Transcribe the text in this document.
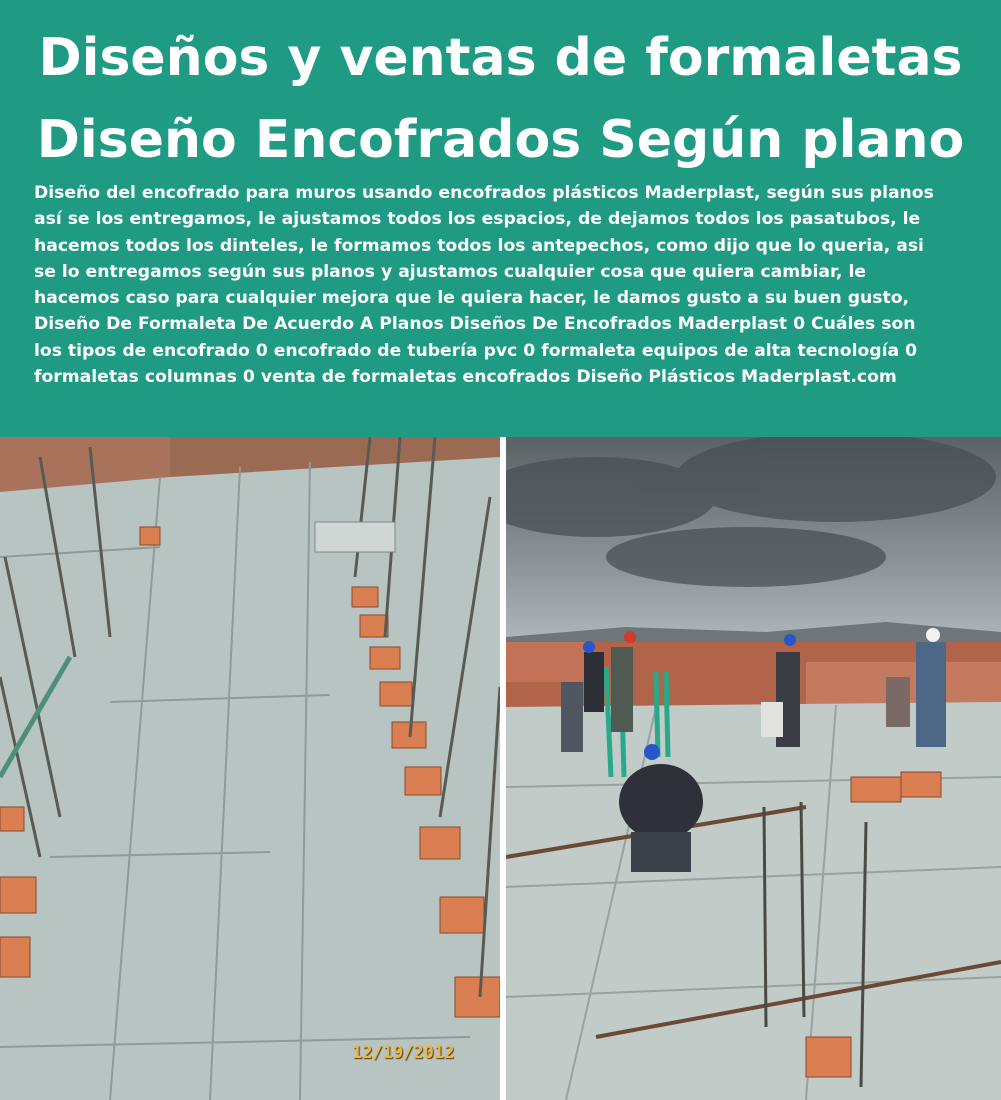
Diseños y ventas de formaletas
Diseño Encofrados Según plano
Diseño del encofrado para muros usando encofrados plásticos Maderplast, según sus planos
así se los entregamos, le ajustamos todos los espacios, de dejamos todos los pasatubos, le
hacemos todos los dinteles, le formamos todos los antepechos, como dijo que lo queria, asi
se lo entregamos según sus planos y ajustamos cualquier cosa que quiera cambiar, le
hacemos caso para cualquier mejora que le quiera hacer, le damos gusto a su buen gusto,
Diseño De Formaleta De Acuerdo A Planos Diseños De Encofrados Maderplast 0 Cuáles son
los tipos de encofrado 0 encofrado de tubería pvc 0 formaleta equipos de alta tecnología 0
formaletas columnas 0 venta de formaletas encofrados Diseño Plásticos Maderplast.com
12/19/2012
